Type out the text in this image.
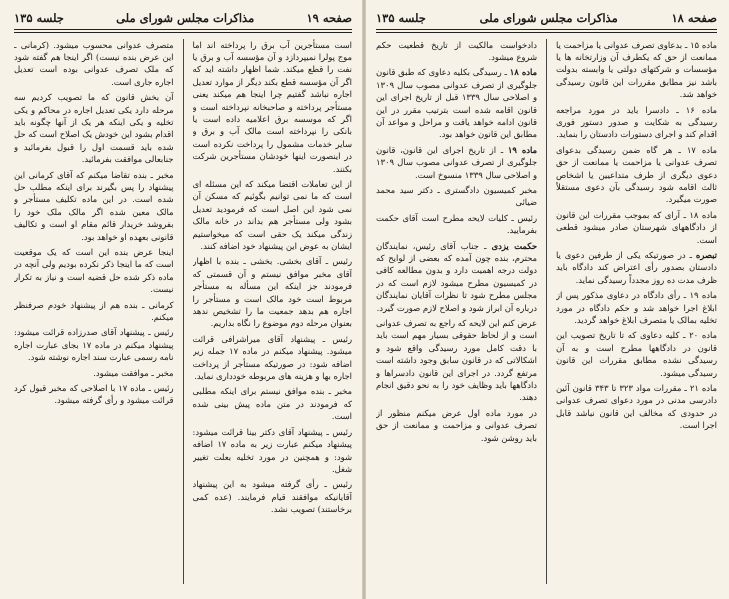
صفحه ۱۹
مذاکرات مجلس شورای ملی
جلسه ۱۳۵

است مستأجرین آب برق را پرداخته اند اما موج پولرا نمیپردازد و آن مؤسسه آب و برق یا نفت را قطع میکند. شما اظهار داشته اید که اگر آن مؤسسه قطع بکند دیگر از موارد تعدیل اجاره نباشد گفتیم چرا اینجا هم میکند یعنی مستأجر پرداخته و صاحبخانه نپرداخته است و اگر که موسسه برق اعلامیه داده است یا بانکی را نپرداخته است مالک آب و برق و سایر خدمات مشمول را پرداخت نکرده است در اینصورت اینها خودشان مستأجرین شرکت بکنند.

از این تعاملات اقتضا میکند که این مسئله ای است که ما نمی توانیم بگوئیم که مسکن آن نمی شود این اصل است که فرمودید تعدیل بشود ولی مستأجر هم بداند در خانه مالک زندگی میکند یک حقی است که میخواستیم ایشان به عوض این پیشنهاد خود اضافه کنند.

رئیس ـ آقای بخشی. بخشی ـ بنده با اظهار آقای مخبر موافق نیستم و آن قسمتی که فرمودند جز اینکه این مسأله به مستأجر مربوط است خود مالک است و مستأجر را اجاره هم بدهد جمعیت ما را تشخیص ندهد بعنوان مرحله دوم موضوع را نگاه بداریم.

رئیس ـ پیشنهاد آقای میراشرافی قرائت میشود. پیشنهاد میکنم در ماده ۱۷ جمله زیر اضافه شود: در صورتیکه مستأجر از پرداخت اجاره بها و هزینه های مربوطه خودداری نماید.

مخبر ـ بنده موافق نیستم برای اینکه مطلبی که فرمودند در متن ماده پیش بینی شده است.

رئیس ـ پیشنهاد آقای دکتر بینا قرائت میشود: پیشنهاد میکنم عبارت زیر به ماده ۱۷ اضافه شود: و همچنین در مورد تخلیه بعلت تغییر شغل.

رئیس ـ رأی گرفته میشود به این پیشنهاد آقایانیکه موافقند قیام فرمایند. (عده کمی برخاستند) تصویب نشد.

متصرف عدوانی محسوب میشود. (کرمانی ـ این عرض بنده نیست) اگر اینجا هم گفته شود که ملک تصرف عدوانی بوده است تعدیل اجاره جاری است.

آن بخش قانون که ما تصویب کردیم سه مرحله دارد یکی تعدیل اجاره در محاکم و یکی تخلیه و یکی اینکه هر یک از آنها چگونه باید اقدام بشود این خودش یک اصلاح است که حل شده باید قسمت اول را قبول بفرمائید و جنابعالی موافقت بفرمائید.

مخبر ـ بنده تقاضا میکنم که آقای کرمانی این پیشنهاد را پس بگیرند برای اینکه مطلب حل شده است. در این ماده تکلیف مستأجر و مالک معین شده اگر مالک ملک خود را بفروشد خریدار قائم مقام او است و تکالیف قانونی بعهده او خواهد بود.

اینجا عرض بنده این است که یک موقعیت است که ما اینجا ذکر نکرده بودیم ولی آنچه در ماده ذکر شده حل قضیه است و نیاز به تکرار نیست.

کرمانی ـ بنده هم از پیشنهاد خودم صرفنظر میکنم.

رئیس ـ پیشنهاد آقای صدرزاده قرائت میشود: پیشنهاد میکنم در ماده ۱۷ بجای عبارت اجاره نامه رسمی عبارت سند اجاره نوشته شود.

مخبر ـ موافقت میشود.

رئیس ـ ماده ۱۷ با اصلاحی که مخبر قبول کرد قرائت میشود و رأی گرفته میشود.

صفحه ۱۸
مذاکرات مجلس شورای ملی
جلسه ۱۳۵

ماده ۱۵ ـ بدعاوی تصرف عدوانی یا مزاحمت یا ممانعت از حق که یکطرف آن وزارتخانه ها یا مؤسسات و شرکتهای دولتی یا وابسته بدولت باشد نیز مطابق مقررات این قانون رسیدگی خواهد شد.

ماده ۱۶ ـ دادسرا باید در مورد مراجعه رسیدگی به شکایت و صدور دستور فوری اقدام کند و اجرای دستورات دادستان را بنماید.

ماده ۱۷ ـ هر گاه ضمن رسیدگی بدعوای تصرف عدوانی یا مزاحمت یا ممانعت از حق دعوی دیگری از طرف متداعیین یا اشخاص ثالث اقامه شود رسیدگی بآن دعوی مستقلاً صورت میگیرد.

ماده ۱۸ ـ آرای که بموجب مقررات این قانون از دادگاههای شهرستان صادر میشود قطعی است.

تبصره ـ در صورتیکه یکی از طرفین دعوی یا دادستان بصدور رأی اعتراض کند دادگاه باید ظرف مدت ده روز مجدداً رسیدگی نماید.

ماده ۱۹ ـ رأی دادگاه در دعاوی مذکور پس از ابلاغ اجرا خواهد شد و حکم دادگاه در مورد تخلیه بمالک یا متصرف ابلاغ خواهد گردید.

ماده ۲۰ ـ کلیه دعاوی که تا تاریخ تصویب این قانون در دادگاهها مطرح است و به آن رسیدگی نشده مطابق مقررات این قانون رسیدگی میشود.

ماده ۲۱ ـ مقررات مواد ۳۲۳ تا ۳۴۳ قانون آئین دادرسی مدنی در مورد دعوای تصرف عدوانی در حدودی که مخالف این قانون نباشد قابل اجرا است.

دادخواست مالکیت از تاریخ قطعیت حکم شروع میشود.

ماده ۱۸ ـ رسیدگی بکلیه دعاوی که طبق قانون جلوگیری از تصرف عدوانی مصوب سال ۱۳۰۹ و اصلاحی سال ۱۳۳۹ قبل از تاریخ اجرای این قانون اقامه شده است بترتیب مقرر در این قانون ادامه خواهد یافت و مراحل و مواعد آن مطابق این قانون خواهد بود.

ماده ۱۹ ـ از تاریخ اجرای این قانون، قانون جلوگیری از تصرف عدوانی مصوب سال ۱۳۰۹ و اصلاحی سال ۱۳۳۹ منسوخ است.

مخبر کمیسیون دادگستری ـ دکتر سید محمد ضیائی

رئیس ـ کلیات لایحه مطرح است آقای حکمت بفرمایید.

حکمت یزدی ـ جناب آقای رئیس، نمایندگان محترم، بنده چون آمده که بعضی از لوایح که دولت درجه اهمیت دارد و بدون مطالعه کافی در کمیسیون مطرح میشود لازم است که در مجلس مطرح شود تا نظرات آقایان نمایندگان درباره آن ابراز شود و اصلاح لازم صورت گیرد.

عرض کنم این لایحه که راجع به تصرف عدوانی است و از لحاظ حقوقی بسیار مهم است باید با دقت کامل مورد رسیدگی واقع شود و اشکالاتی که در قانون سابق وجود داشته است مرتفع گردد. در اجرای این قانون دادسراها و دادگاهها باید وظایف خود را به نحو دقیق انجام دهند.

در مورد ماده اول عرض میکنم منظور از تصرف عدوانی و مزاحمت و ممانعت از حق باید روشن شود.
